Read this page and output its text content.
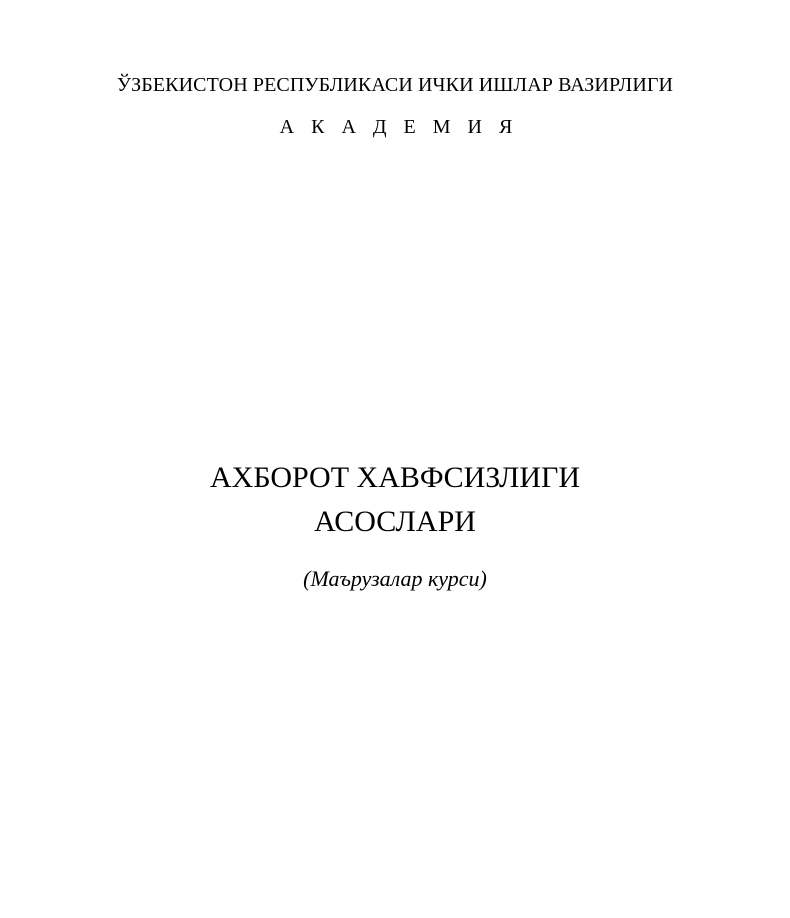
ЎЗБЕКИСТОН РЕСПУБЛИКАСИ ИЧКИ ИШЛАР ВАЗИРЛИГИ
А К А Д Е М И Я
АХБОРОТ ХАВФСИЗЛИГИ
АСОСЛАРИ
(Маърузалар курси)
